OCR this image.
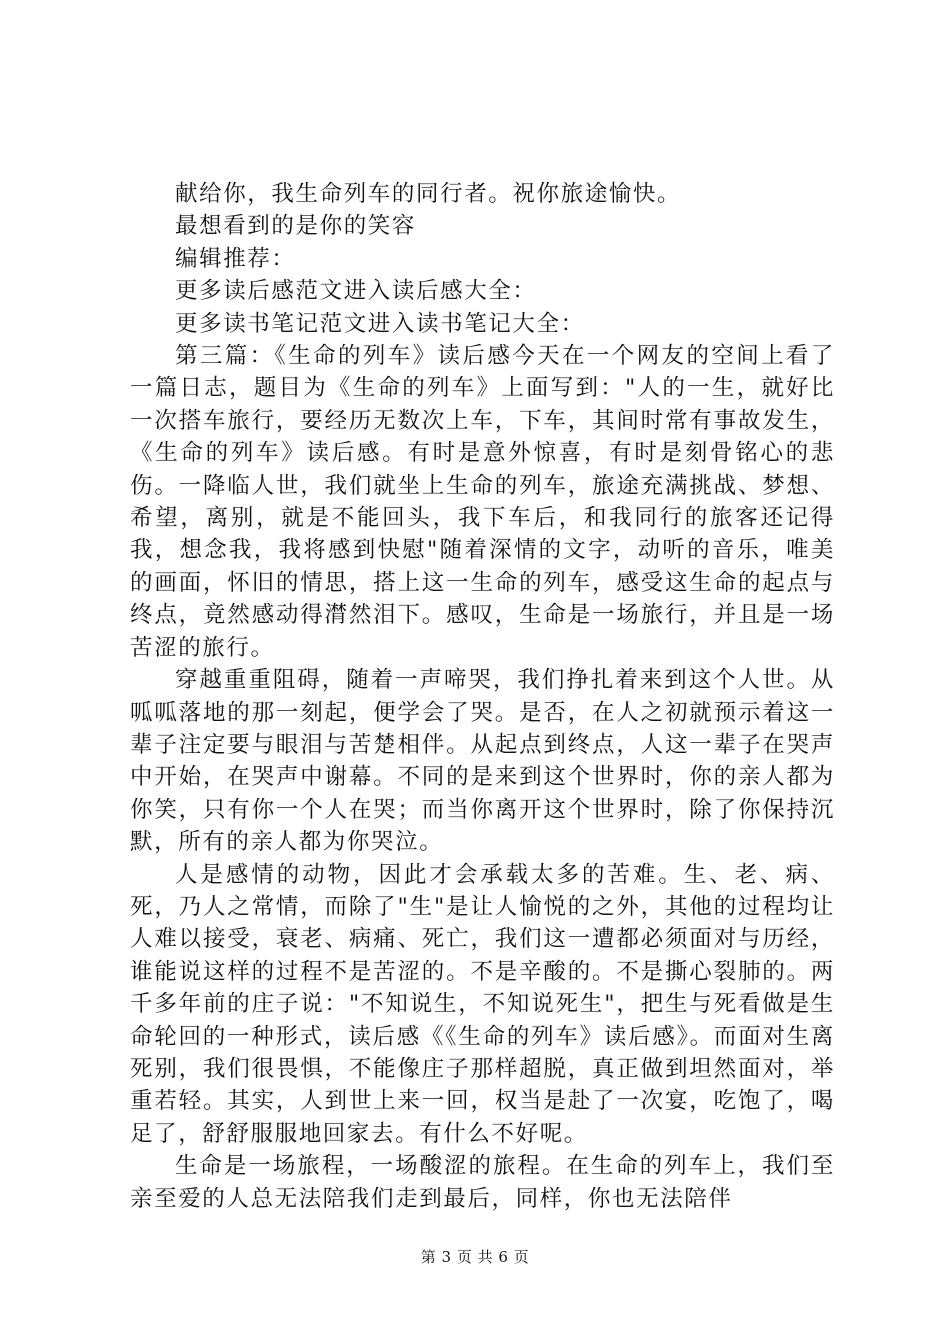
献给你，我生命列车的同行者。祝你旅途愉快。

最想看到的是你的笑容

编辑推荐：

更多读后感范文进入读后感大全：

更多读书笔记范文进入读书笔记大全：

第三篇：《生命的列车》读后感今天在一个网友的空间上看了一篇日志，题目为《生命的列车》上面写到："人的一生，就好比一次搭车旅行，要经历无数次上车，下车，其间时常有事故发生，《生命的列车》读后感。有时是意外惊喜，有时是刻骨铭心的悲伤。一降临人世，我们就坐上生命的列车，旅途充满挑战、梦想、希望，离别，就是不能回头，我下车后，和我同行的旅客还记得我，想念我，我将感到快慰"随着深情的文字，动听的音乐，唯美的画面，怀旧的情思，搭上这一生命的列车，感受这生命的起点与终点，竟然感动得潸然泪下。感叹，生命是一场旅行，并且是一场苦涩的旅行。

穿越重重阻碍，随着一声啼哭，我们挣扎着来到这个人世。从呱呱落地的那一刻起，便学会了哭。是否，在人之初就预示着这一辈子注定要与眼泪与苦楚相伴。从起点到终点，人这一辈子在哭声中开始，在哭声中谢幕。不同的是来到这个世界时，你的亲人都为你笑，只有你一个人在哭；而当你离开这个世界时，除了你保持沉默，所有的亲人都为你哭泣。

人是感情的动物，因此才会承载太多的苦难。生、老、病、死，乃人之常情，而除了"生"是让人愉悦的之外，其他的过程均让人难以接受，衰老、病痛、死亡，我们这一遭都必须面对与历经，谁能说这样的过程不是苦涩的。不是辛酸的。不是撕心裂肺的。两千多年前的庄子说："不知说生，不知说死生"，把生与死看做是生命轮回的一种形式，读后感《《生命的列车》读后感》。而面对生离死别，我们很畏惧，不能像庄子那样超脱，真正做到坦然面对，举重若轻。其实，人到世上来一回，权当是赴了一次宴，吃饱了，喝足了，舒舒服服地回家去。有什么不好呢。

生命是一场旅程，一场酸涩的旅程。在生命的列车上，我们至亲至爱的人总无法陪我们走到最后，同样，你也无法陪伴

第 3 页 共 6 页
